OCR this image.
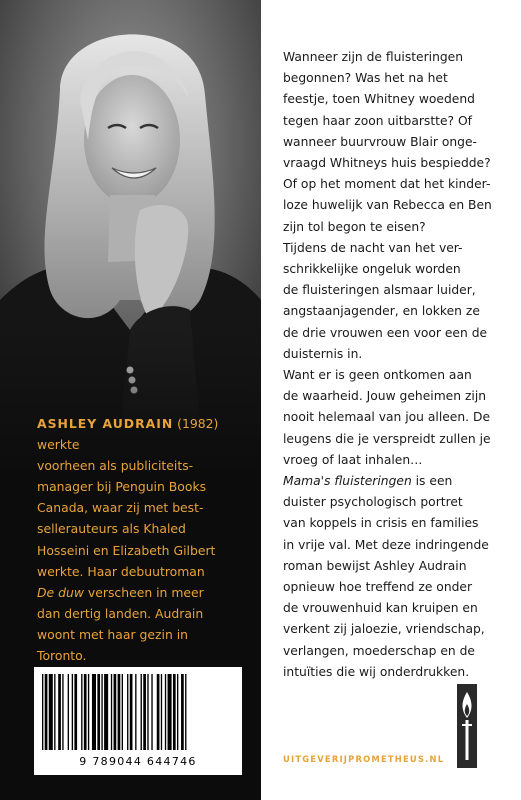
ASHLEY AUDRAIN (1982) werkte
voorheen als publiciteits-
manager bij Penguin Books
Canada, waar zij met best-
sellerauteurs als Khaled
Hosseini en Elizabeth Gilbert
werkte. Haar debuutroman
De duw verscheen in meer
dan dertig landen. Audrain
woont met haar gezin in
Toronto.
9 789044 644746
Wanneer zijn de fluisteringen
begonnen? Was het na het
feestje, toen Whitney woedend
tegen haar zoon uitbarstte? Of
wanneer buurvrouw Blair onge-
vraagd Whitneys huis bespiedde?
Of op het moment dat het kinder-
loze huwelijk van Rebecca en Ben
zijn tol begon te eisen?
Tijdens de nacht van het ver-
schrikkelijke ongeluk worden
de fluisteringen alsmaar luider,
angstaanjagender, en lokken ze
de drie vrouwen een voor een de
duisternis in.
Want er is geen ontkomen aan
de waarheid. Jouw geheimen zijn
nooit helemaal van jou alleen. De
leugens die je verspreidt zullen je
vroeg of laat inhalen…
Mama's fluisteringen is een
duister psychologisch portret
van koppels in crisis en families
in vrije val. Met deze indringende
roman bewijst Ashley Audrain
opnieuw hoe treffend ze onder
de vrouwenhuid kan kruipen en
verkent zij jaloezie, vriendschap,
verlangen, moederschap en de
intuïties die wij onderdrukken.
UITGEVERIJPROMETHEUS.NL
